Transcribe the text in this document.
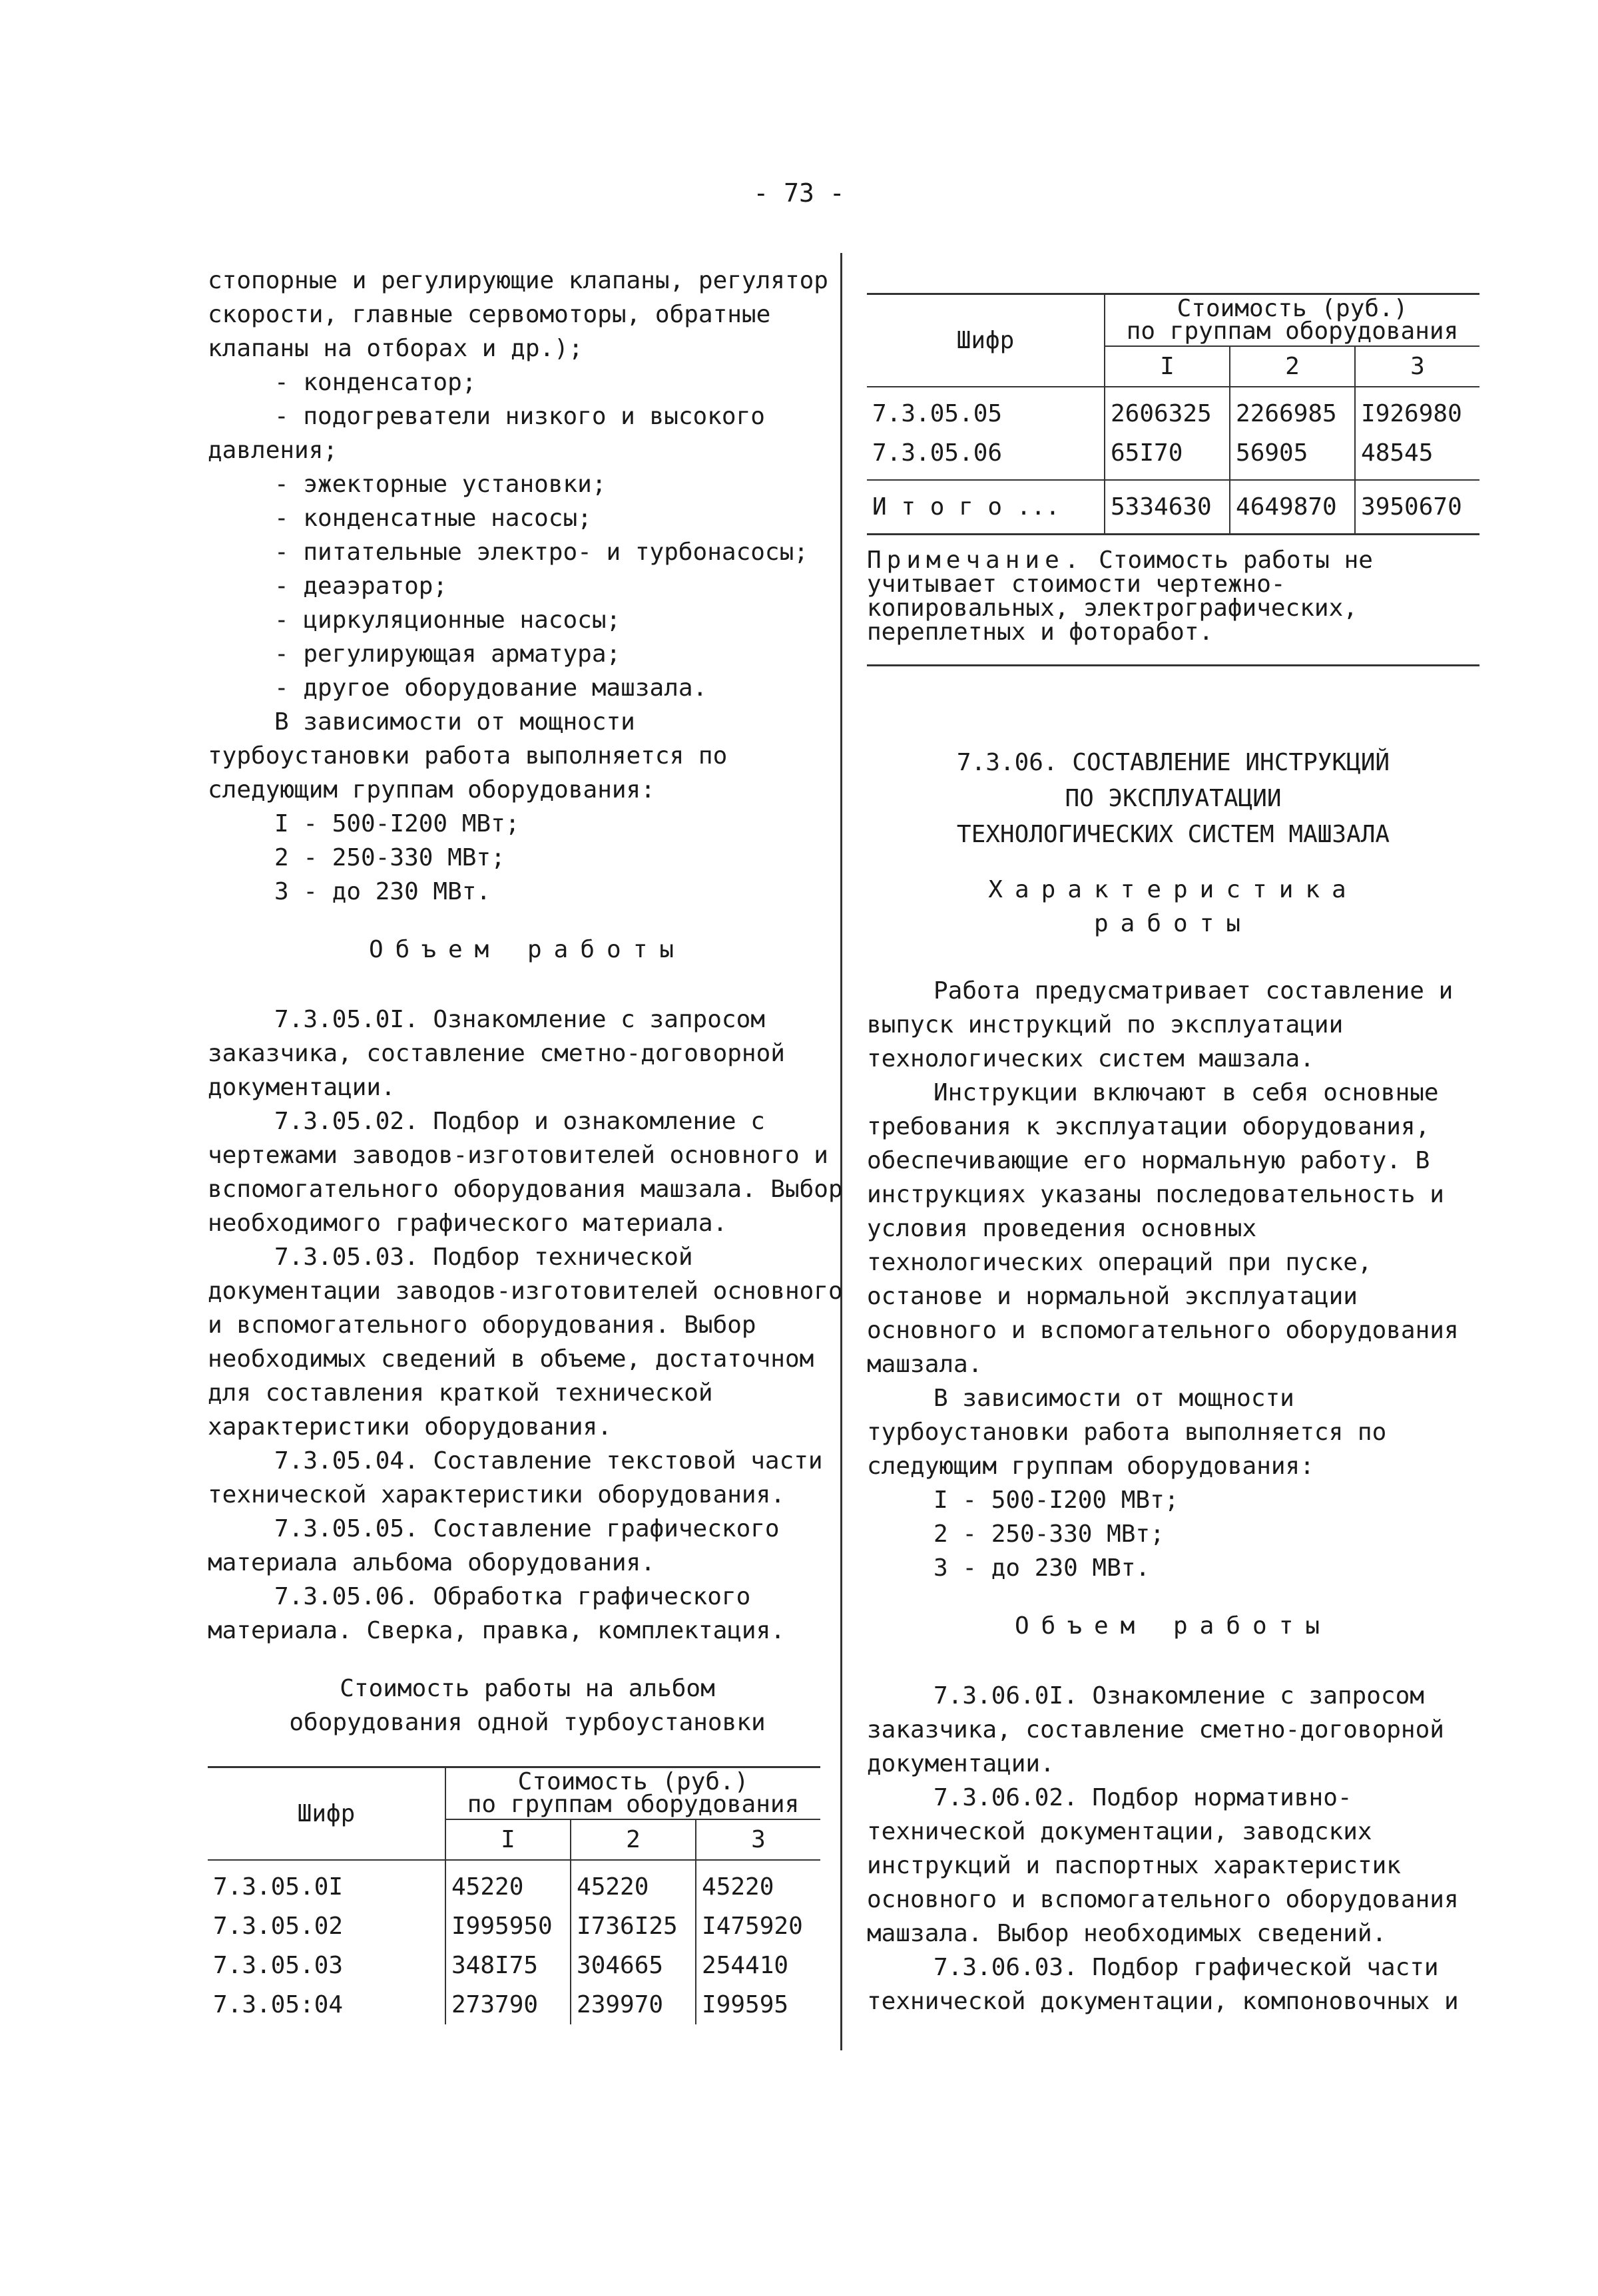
- 73 -

стопорные и регулирующие клапаны, регулятор скорости, главные сервомоторы, обратные клапаны на отборах и др.);

- конденсатор;

- подогреватели низкого и высокого

давления;

- эжекторные установки;

- конденсатные насосы;

- питательные электро- и турбонасосы;

- деаэратор;

- циркуляционные насосы;

- регулирующая арматура;

- другое оборудование машзала.

В зависимости от мощности турбоустановки работа выполняется по следующим группам оборудования:

I - 500-I200 МВт;

2 - 250-330 МВт;

3 - до 230 МВт.

Объем работы

7.3.05.0I. Ознакомление с запросом заказчика, составление сметно-договорной документации.

7.3.05.02. Подбор и ознакомление с чертежами заводов-изготовителей основного и вспомогательного оборудования машзала. Выбор необходимого графического материала.

7.3.05.03. Подбор технической документации заводов-изготовителей основного и вспомогательного оборудования. Выбор необходимых сведений в объеме, достаточном для составления краткой технической характеристики оборудования.

7.3.05.04. Составление текстовой части технической характеристики оборудования.

7.3.05.05. Составление графического материала альбома оборудования.

7.3.05.06. Обработка графического материала. Сверка, правка, комплектация.

Стоимость работы на альбом

оборудования одной турбоустановки

Шифр	Стоимость (руб.)
по группам оборудования		

	I	2	3
7.3.05.0I	45220	45220	45220
7.3.05.02	I995950	I736I25	I475920
7.3.05.03	348I75	304665	254410
7.3.05:04	273790	239970	I99595
Шифр	Стоимость (руб.)
по группам оборудования		

	I	2	3
7.3.05.05	2606325	2266985	I926980
7.3.05.06	65I70	56905	48545
И т о г о ...	5334630	4649870	3950670
Примечание. Стоимость работы не учитывает стоимости чертежно-копировальных, электрографических, переплетных и фоторабот.

7.3.06. СОСТАВЛЕНИЕ ИНСТРУКЦИЙ

ПО ЭКСПЛУАТАЦИИ

ТЕХНОЛОГИЧЕСКИХ СИСТЕМ МАШЗАЛА

Характеристика

работы

Работа предусматривает составление и выпуск инструкций по эксплуатации технологических систем машзала.

Инструкции включают в себя основные требования к эксплуатации оборудования, обеспечивающие его нормальную работу. В инструкциях указаны последовательность и условия проведения основных технологических операций при пуске, останове и нормальной эксплуатации основного и вспомогательного оборудования машзала.

В зависимости от мощности турбоустановки работа выполняется по следующим группам оборудования:

I - 500-I200 МВт;

2 - 250-330 МВт;

3 - до 230 МВт.

Объем работы

7.3.06.0I. Ознакомление с запросом заказчика, составление сметно-договорной документации.

7.3.06.02. Подбор нормативно-технической документации, заводских инструкций и паспортных характеристик основного и вспомогательного оборудования машзала. Выбор необходимых сведений.

7.3.06.03. Подбор графической части технической документации, компоновочных и
